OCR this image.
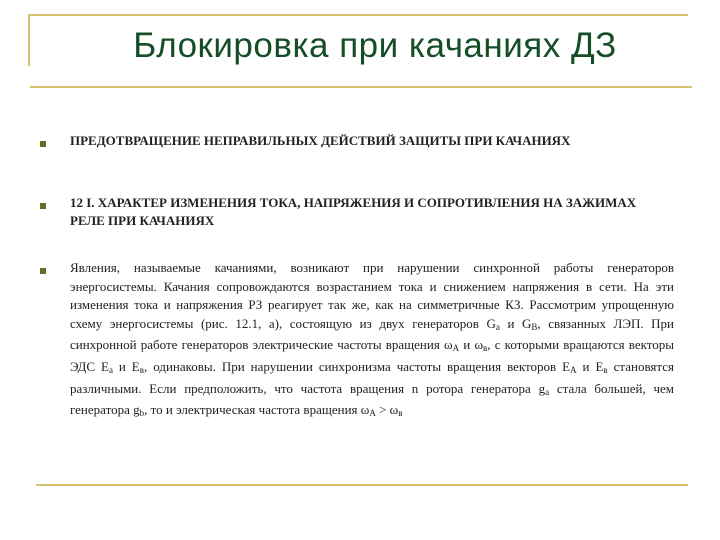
Блокировка при качаниях ДЗ
ПРЕДОТВРАЩЕНИЕ НЕПРАВИЛЬНЫХ ДЕЙСТВИЙ ЗАЩИТЫ ПРИ КАЧАНИЯХ
12 I. ХАРАКТЕР ИЗМЕНЕНИЯ ТОКА, НАПРЯЖЕНИЯ И СОПРОТИВЛЕНИЯ НА ЗАЖИМАХ РЕЛЕ ПРИ КАЧАНИЯХ
Явления, называемые качаниями, возникают при нарушении синхронной работы генераторов энергосистемы. Качания сопровождаются возрастанием тока и снижением напряжения в сети. На эти изменения тока и напряжения РЗ реагирует так же, как на симметричные КЗ. Рассмотрим упрощенную схему энергосистемы (рис. 12.1, а), состоящую из двух генераторов $G_a$ и $G_B$, связанных ЛЭП. При синхронной работе генераторов электрические частоты вращения $\omega_A$ и $\omega_в$, с которыми вращаются векторы ЭДС $E_a$ и $E_в$, одинаковы. При нарушении синхронизма частоты вращения векторов $E_A$ и $E_в$ становятся различными. Если предположить, что частота вращения n ротора генератора $g_a$ стала большей, чем генератора $g_b$, то и электрическая частота вращения $\omega_A > \omega_в$
